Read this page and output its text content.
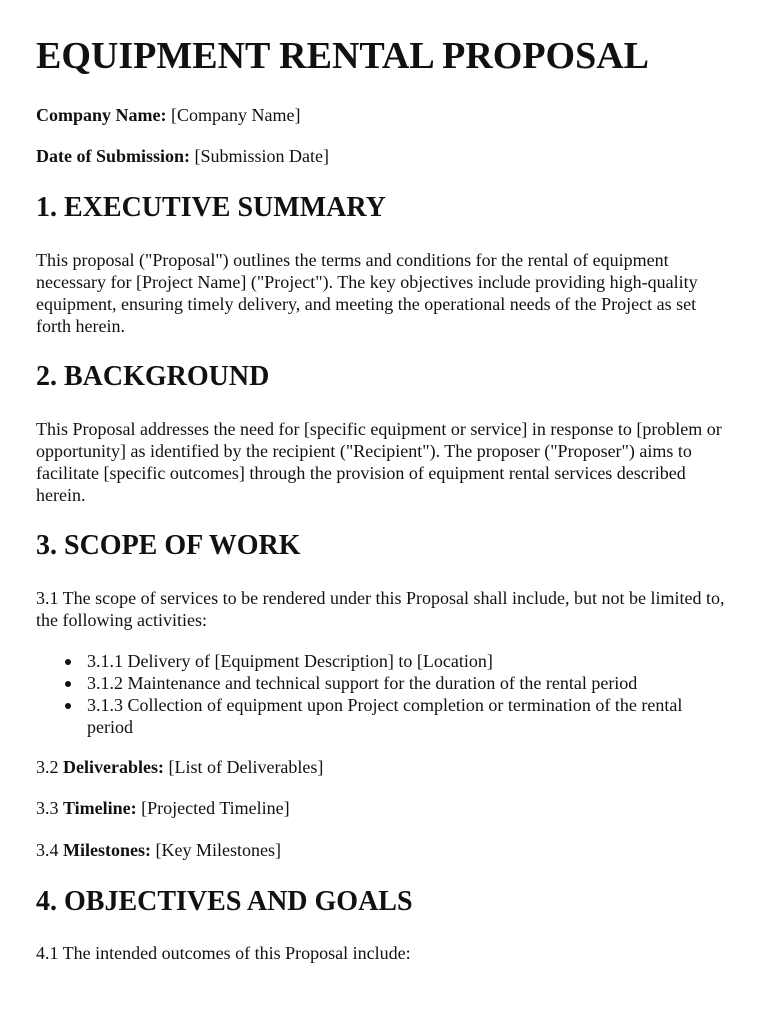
EQUIPMENT RENTAL PROPOSAL

Company Name: [Company Name]

Date of Submission: [Submission Date]

1. EXECUTIVE SUMMARY

This proposal ("Proposal") outlines the terms and conditions for the rental of equipment necessary for [Project Name] ("Project"). The key objectives include providing high-quality equipment, ensuring timely delivery, and meeting the operational needs of the Project as set forth herein.

2. BACKGROUND

This Proposal addresses the need for [specific equipment or service] in response to [problem or opportunity] as identified by the recipient ("Recipient"). The proposer ("Proposer") aims to facilitate [specific outcomes] through the provision of equipment rental services described herein.

3. SCOPE OF WORK

3.1 The scope of services to be rendered under this Proposal shall include, but not be limited to, the following activities:

3.1.1 Delivery of [Equipment Description] to [Location]
3.1.2 Maintenance and technical support for the duration of the rental period
3.1.3 Collection of equipment upon Project completion or termination of the rental period

3.2 Deliverables: [List of Deliverables]

3.3 Timeline: [Projected Timeline]

3.4 Milestones: [Key Milestones]

4. OBJECTIVES AND GOALS

4.1 The intended outcomes of this Proposal include:
